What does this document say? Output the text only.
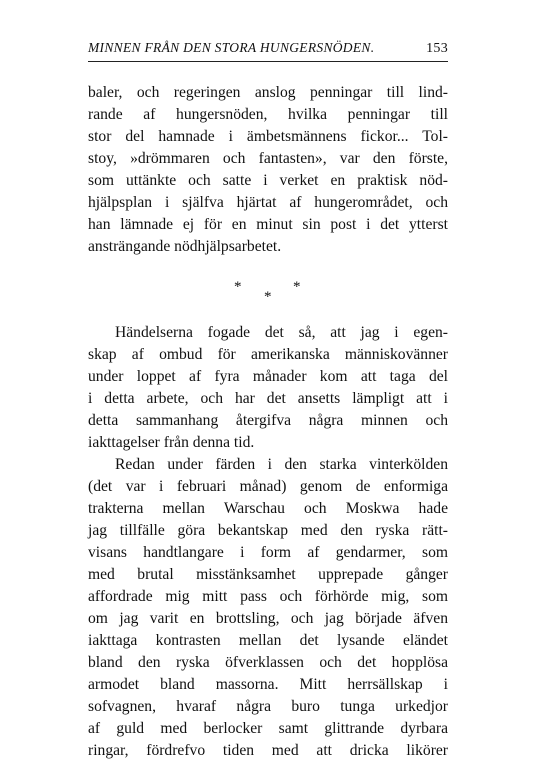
MINNEN FRÅN DEN STORA HUNGERSNÖDEN.	153

baler, och regeringen anslog penningar till lind-
rande af hungersnöden, hvilka penningar till
stor del hamnade i ämbetsmännens fickor... Tol-
stoy, »drömmaren och fantasten», var den förste,
som uttänkte och satte i verket en praktisk nöd-
hjälpsplan i själfva hjärtat af hungerområdet, och
han lämnade ej för en minut sin post i det ytterst
ansträngande nödhjälpsarbetet.

*	*
*

Händelserna fogade det så, att jag i egen-
skap af ombud för amerikanska människovänner
under loppet af fyra månader kom att taga del
i detta arbete, och har det ansetts lämpligt att i
detta sammanhang återgifva några minnen och
iakttagelser från denna tid.

Redan under färden i den starka vinterkölden
(det var i februari månad) genom de enformiga
trakterna mellan Warschau och Moskwa hade
jag tillfälle göra bekantskap med den ryska rätt-
visans handtlangare i form af gendarmer, som
med brutal misstänksamhet upprepade gånger
affordrade mig mitt pass och förhörde mig, som
om jag varit en brottsling, och jag började äfven
iakttaga kontrasten mellan det lysande eländet
bland den ryska öfverklassen och det hopplösa
armodet bland massorna. Mitt herrsällskap i
sofvagnen, hvaraf några buro tunga urkedjor
af guld med berlocker samt glittrande dyrbara
ringar, fördrefvo tiden med att dricka likörer
